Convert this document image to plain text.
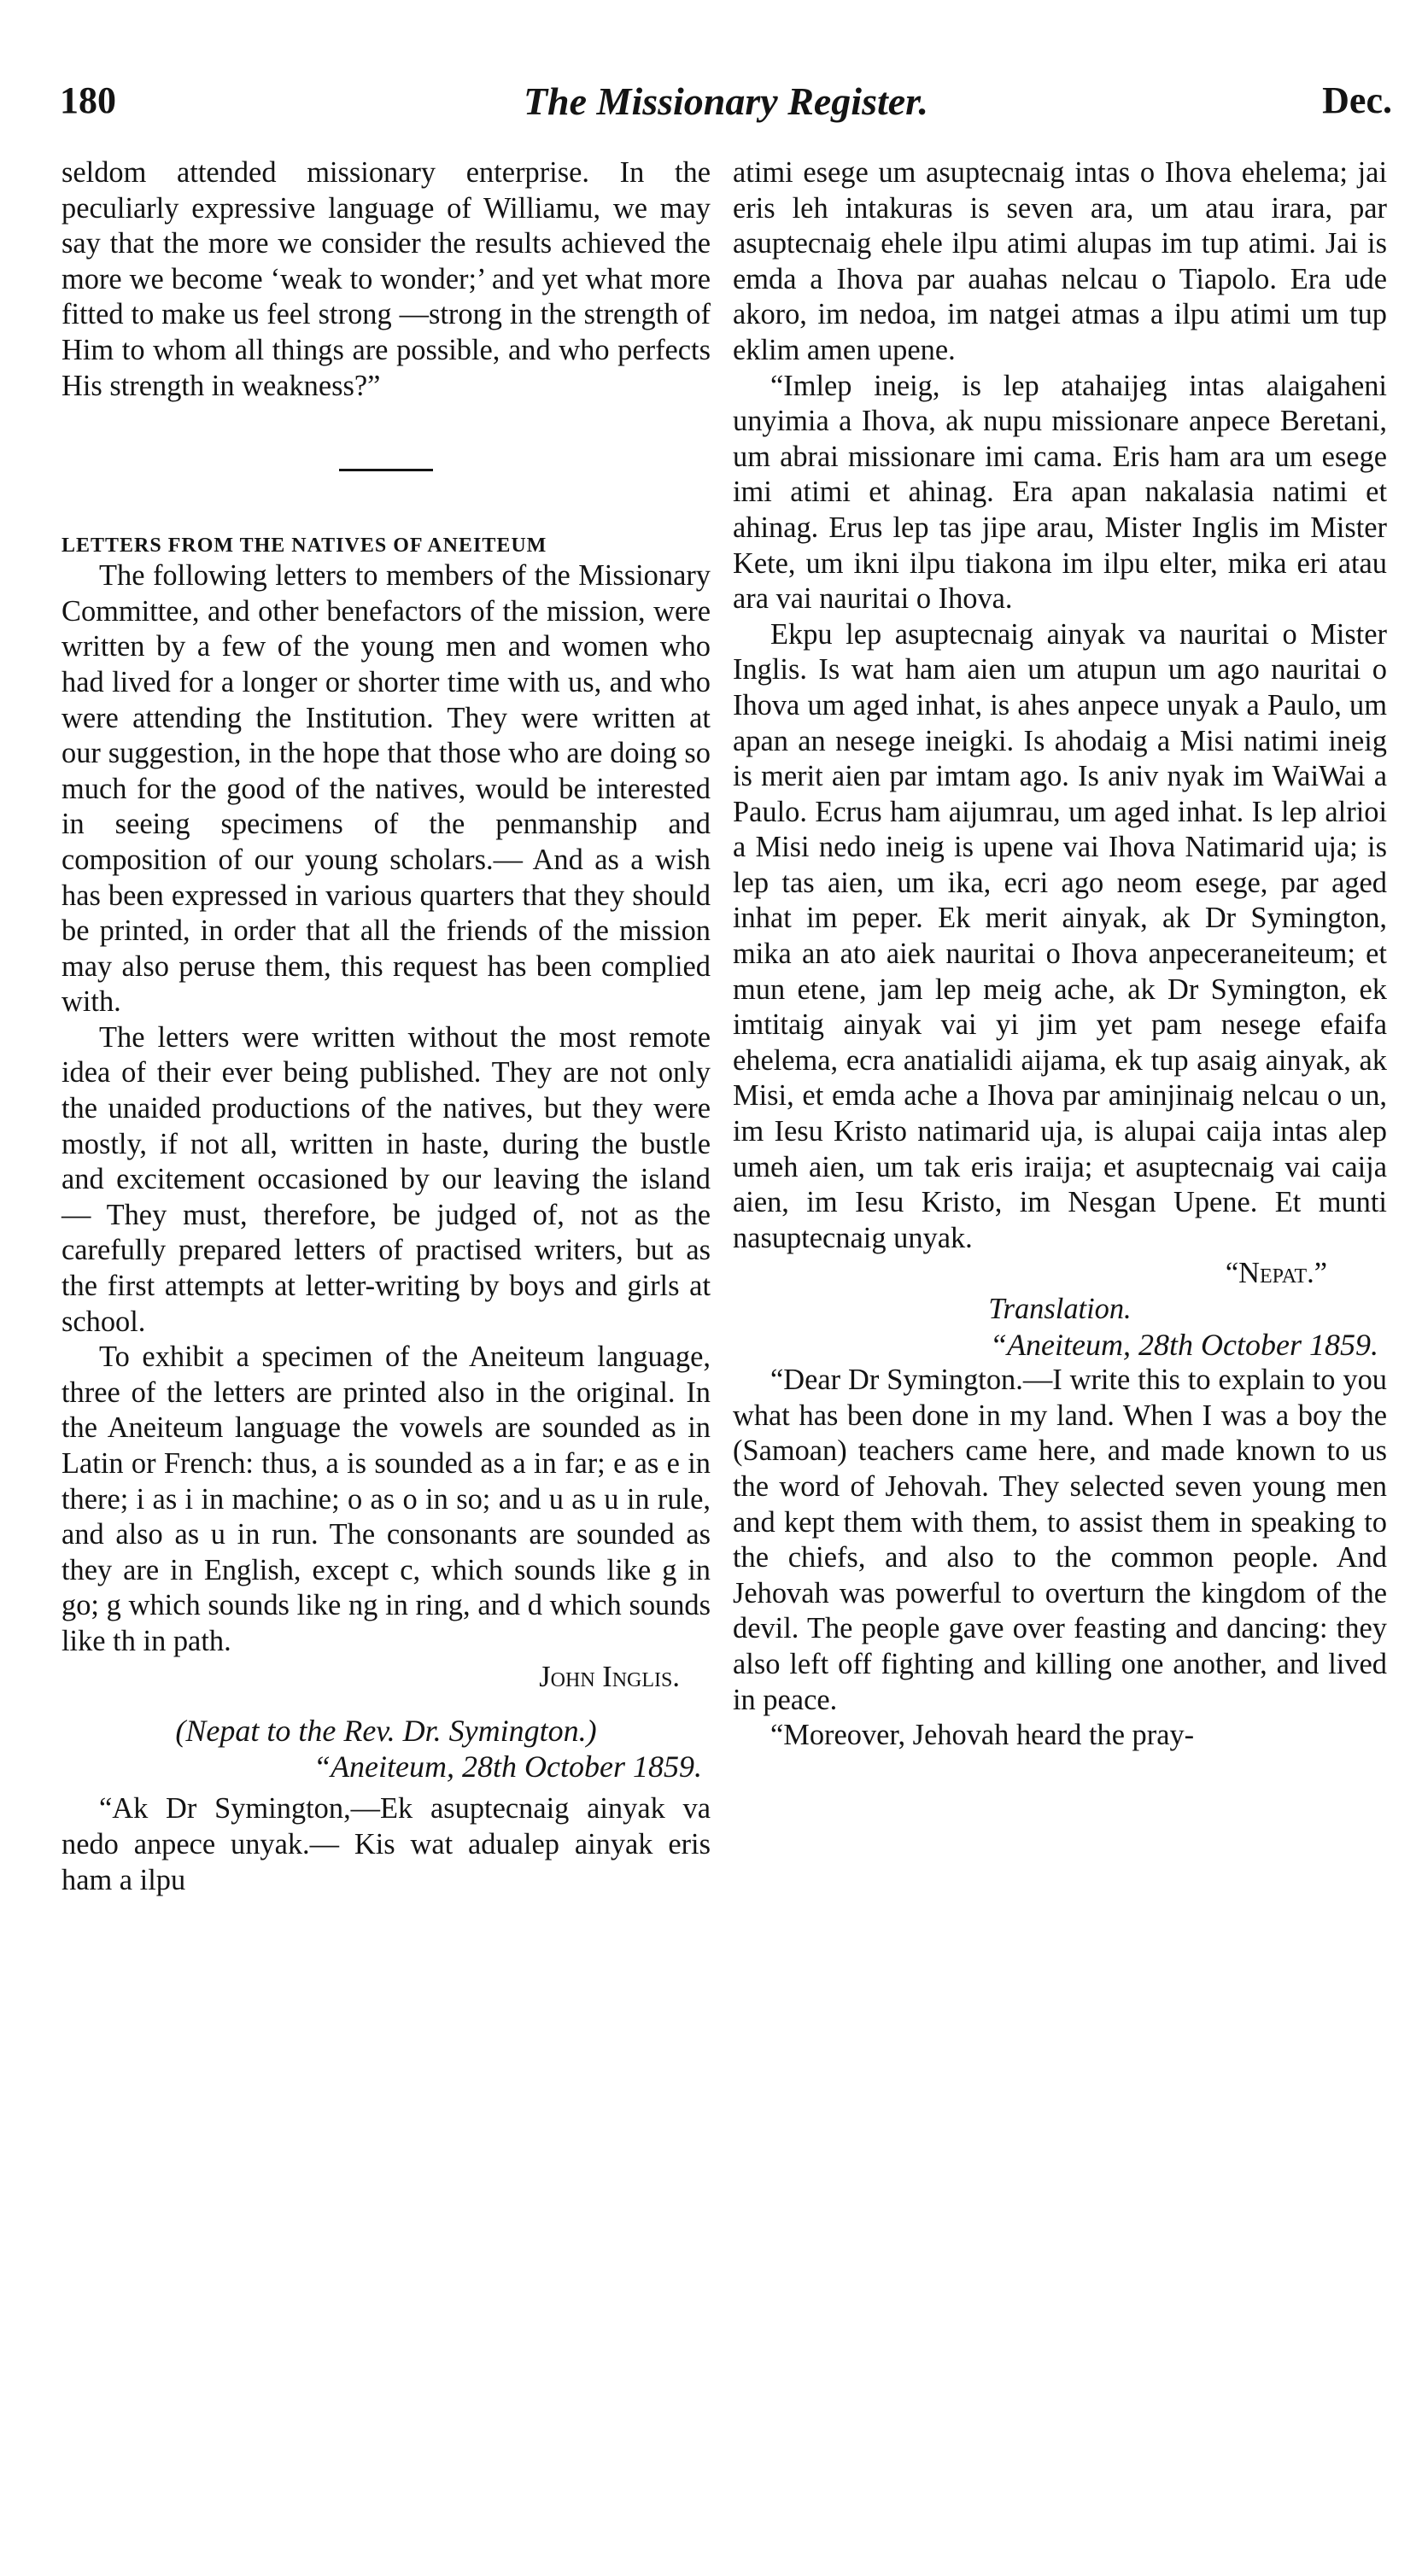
180	The Missionary Register.	Dec.

seldom attended missionary enterprise. In the peculiarly expressive language of Williamu, we may say that the more we consider the results achieved the more we become ‘weak to wonder;’ and yet what more fitted to make us feel strong —strong in the strength of Him to whom all things are possible, and who perfects His strength in weakness?”

LETTERS FROM THE NATIVES OF ANEITEUM

The following letters to members of the Missionary Committee, and other benefactors of the mission, were written by a few of the young men and women who had lived for a longer or shorter time with us, and who were attending the Institution. They were written at our suggestion, in the hope that those who are doing so much for the good of the natives, would be interested in seeing specimens of the penmanship and composition of our young scholars.— And as a wish has been expressed in various quarters that they should be printed, in order that all the friends of the mission may also peruse them, this request has been complied with.

The letters were written without the most remote idea of their ever being published. They are not only the unaided productions of the natives, but they were mostly, if not all, written in haste, during the bustle and excitement occasioned by our leaving the island — They must, therefore, be judged of, not as the carefully prepared letters of practised writers, but as the first attempts at letter-writing by boys and girls at school.

To exhibit a specimen of the Aneiteum language, three of the letters are printed also in the original. In the Aneiteum language the vowels are sounded as in Latin or French: thus, a is sounded as a in far; e as e in there; i as i in machine; o as o in so; and u as u in rule, and also as u in run. The consonants are sounded as they are in English, except c, which sounds like g in go; g which sounds like ng in ring, and d which sounds like th in path.

John Inglis.

(Nepat to the Rev. Dr. Symington.)

“Aneiteum, 28th October 1859.

“Ak Dr Symington,—Ek asuptecnaig ainyak va nedo anpece unyak.— Kis wat adualep ainyak eris ham a ilpu

atimi esege um asuptecnaig intas o Ihova ehelema; jai eris leh intakuras is seven ara, um atau irara, par asuptecnaig ehele ilpu atimi alupas im tup atimi. Jai is emda a Ihova par auahas nelcau o Tiapolo. Era ude akoro, im nedoa, im natgei atmas a ilpu atimi um tup eklim amen upene.

“Imlep ineig, is lep atahaijeg intas alaigaheni unyimia a Ihova, ak nupu missionare anpece Beretani, um abrai missionare imi cama. Eris ham ara um esege imi atimi et ahinag. Era apan nakalasia natimi et ahinag. Erus lep tas jipe arau, Mister Inglis im Mister Kete, um ikni ilpu tiakona im ilpu elter, mika eri atau ara vai nauritai o Ihova.

Ekpu lep asuptecnaig ainyak va nauritai o Mister Inglis. Is wat ham aien um atupun um ago nauritai o Ihova um aged inhat, is ahes anpece unyak a Paulo, um apan an nesege ineigki. Is ahodaig a Misi natimi ineig is merit aien par imtam ago. Is aniv nyak im WaiWai a Paulo. Ecrus ham aijumrau, um aged inhat. Is lep alrioi a Misi nedo ineig is upene vai Ihova Natimarid uja; is lep tas aien, um ika, ecri ago neom esege, par aged inhat im peper. Ek merit ainyak, ak Dr Symington, mika an ato aiek nauritai o Ihova anpeceraneiteum; et mun etene, jam lep meig ache, ak Dr Symington, ek imtitaig ainyak vai yi jim yet pam nesege efaifa ehelema, ecra anatialidi aijama, ek tup asaig ainyak, ak Misi, et emda ache a Ihova par aminjinaig nelcau o un, im Iesu Kristo natimarid uja, is alupai caija intas alep umeh aien, um tak eris iraija; et asuptecnaig vai caija aien, im Iesu Kristo, im Nesgan Upene. Et munti nasuptecnaig unyak.

“Nepat.”

Translation.

“Aneiteum, 28th October 1859.

“Dear Dr Symington.—I write this to explain to you what has been done in my land. When I was a boy the (Samoan) teachers came here, and made known to us the word of Jehovah. They selected seven young men and kept them with them, to assist them in speaking to the chiefs, and also to the common people. And Jehovah was powerful to overturn the kingdom of the devil. The people gave over feasting and dancing: they also left off fighting and killing one another, and lived in peace.

“Moreover, Jehovah heard the pray-
